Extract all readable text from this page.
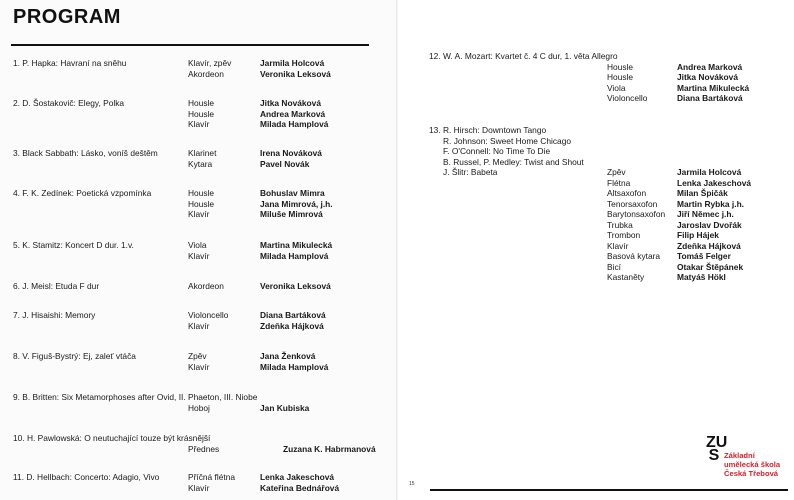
PROGRAM
1. P. Hapka: Havraní na sněhu	Klavír, zpěv	Jarmila Holcová
Akordeon	Veronika Leksová
2. D. Šostakovič: Elegy, Polka	Housle	Jitka Nováková
Housle	Andrea Marková
Klavír	Milada Hamplová
3. Black Sabbath: Lásko, voníš deštěm	Klarinet	Irena Nováková
Kytara	Pavel Novák
4. F. K. Zedínek: Poetická vzpomínka	Housle	Bohuslav Mimra
Housle	Jana Mimrová, j.h.
Klavír	Miluše Mimrová
5. K. Stamitz: Koncert D dur. 1.v.	Viola	Martina Mikulecká
Klavír	Milada Hamplová
6. J. Meisl: Etuda F dur	Akordeon	Veronika Leksová
7. J. Hisaishi: Memory	Violoncello	Diana Bartáková
Klavír	Zdeňka Hájková
8. V. Figuš-Bystrý: Ej, zaleť vtáča	Zpěv	Jana Ženková
Klavír	Milada Hamplová
9. B. Britten: Six Metamorphoses after Ovid, II. Phaeton, III. Niobe
Hoboj	Jan Kubiska
10. H. Pawlowská: O neutuchající touze být krásnější
Přednes	Zuzana K. Habrmanová
11. D. Hellbach: Concerto: Adagio, Vivo	Příčná flétna	Lenka Jakeschová
Klavír	Kateřina Bednářová
12. W. A. Mozart: Kvartet č. 4 C dur, 1. věta Allegro
Housle	Andrea Marková
Housle	Jitka Nováková
Viola	Martina Mikulecká
Violoncello	Diana Bartáková
13. R. Hirsch: Downtown Tango
R. Johnson: Sweet Home Chicago
F. O'Connell: No Time To Die
B. Russel, P. Medley: Twist and Shout
J. Šlitr: Babeta	Zpěv	Jarmila Holcová
Flétna	Lenka Jakeschová
Altsaxofon	Milan Špičák
Tenorsaxofon Martin Rybka j.h.
Barytonsaxofon Jiří Němec j.h.
Trubka	Jaroslav Dvořák
Trombon	Filip Hájek
Klavír	Zdeňka Hájková
Basová kytara Tomáš Felger
Bicí	Otakar Štěpánek
Kastaněty	Matyáš Hökl
15
ZU
S Základní
umělecká škola
Česká Třebová
